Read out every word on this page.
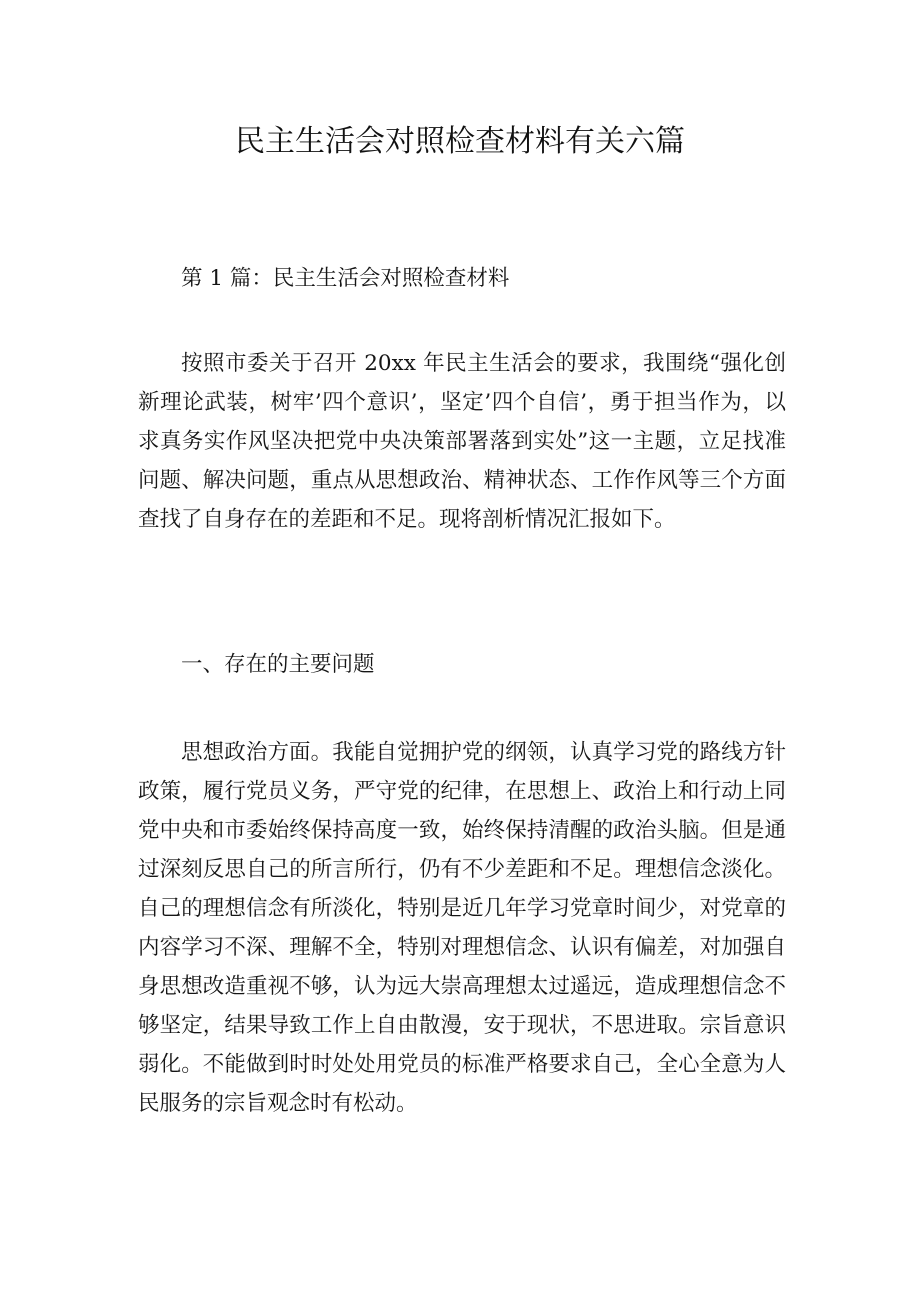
民主生活会对照检查材料有关六篇

第 1 篇：民主生活会对照检查材料

按照市委关于召开 20xx 年民主生活会的要求，我围绕“强化创新理论武装，树牢’四个意识’，坚定’四个自信’，勇于担当作为，以求真务实作风坚决把党中央决策部署落到实处”这一主题，立足找准问题、解决问题，重点从思想政治、精神状态、工作作风等三个方面查找了自身存在的差距和不足。现将剖析情况汇报如下。

一、存在的主要问题

思想政治方面。我能自觉拥护党的纲领，认真学习党的路线方针政策，履行党员义务，严守党的纪律，在思想上、政治上和行动上同党中央和市委始终保持高度一致，始终保持清醒的政治头脑。但是通过深刻反思自己的所言所行，仍有不少差距和不足。理想信念淡化。自己的理想信念有所淡化，特别是近几年学习党章时间少，对党章的内容学习不深、理解不全，特别对理想信念、认识有偏差，对加强自身思想改造重视不够，认为远大崇高理想太过遥远，造成理想信念不够坚定，结果导致工作上自由散漫，安于现状，不思进取。宗旨意识弱化。不能做到时时处处用党员的标准严格要求自己，全心全意为人民服务的宗旨观念时有松动。
